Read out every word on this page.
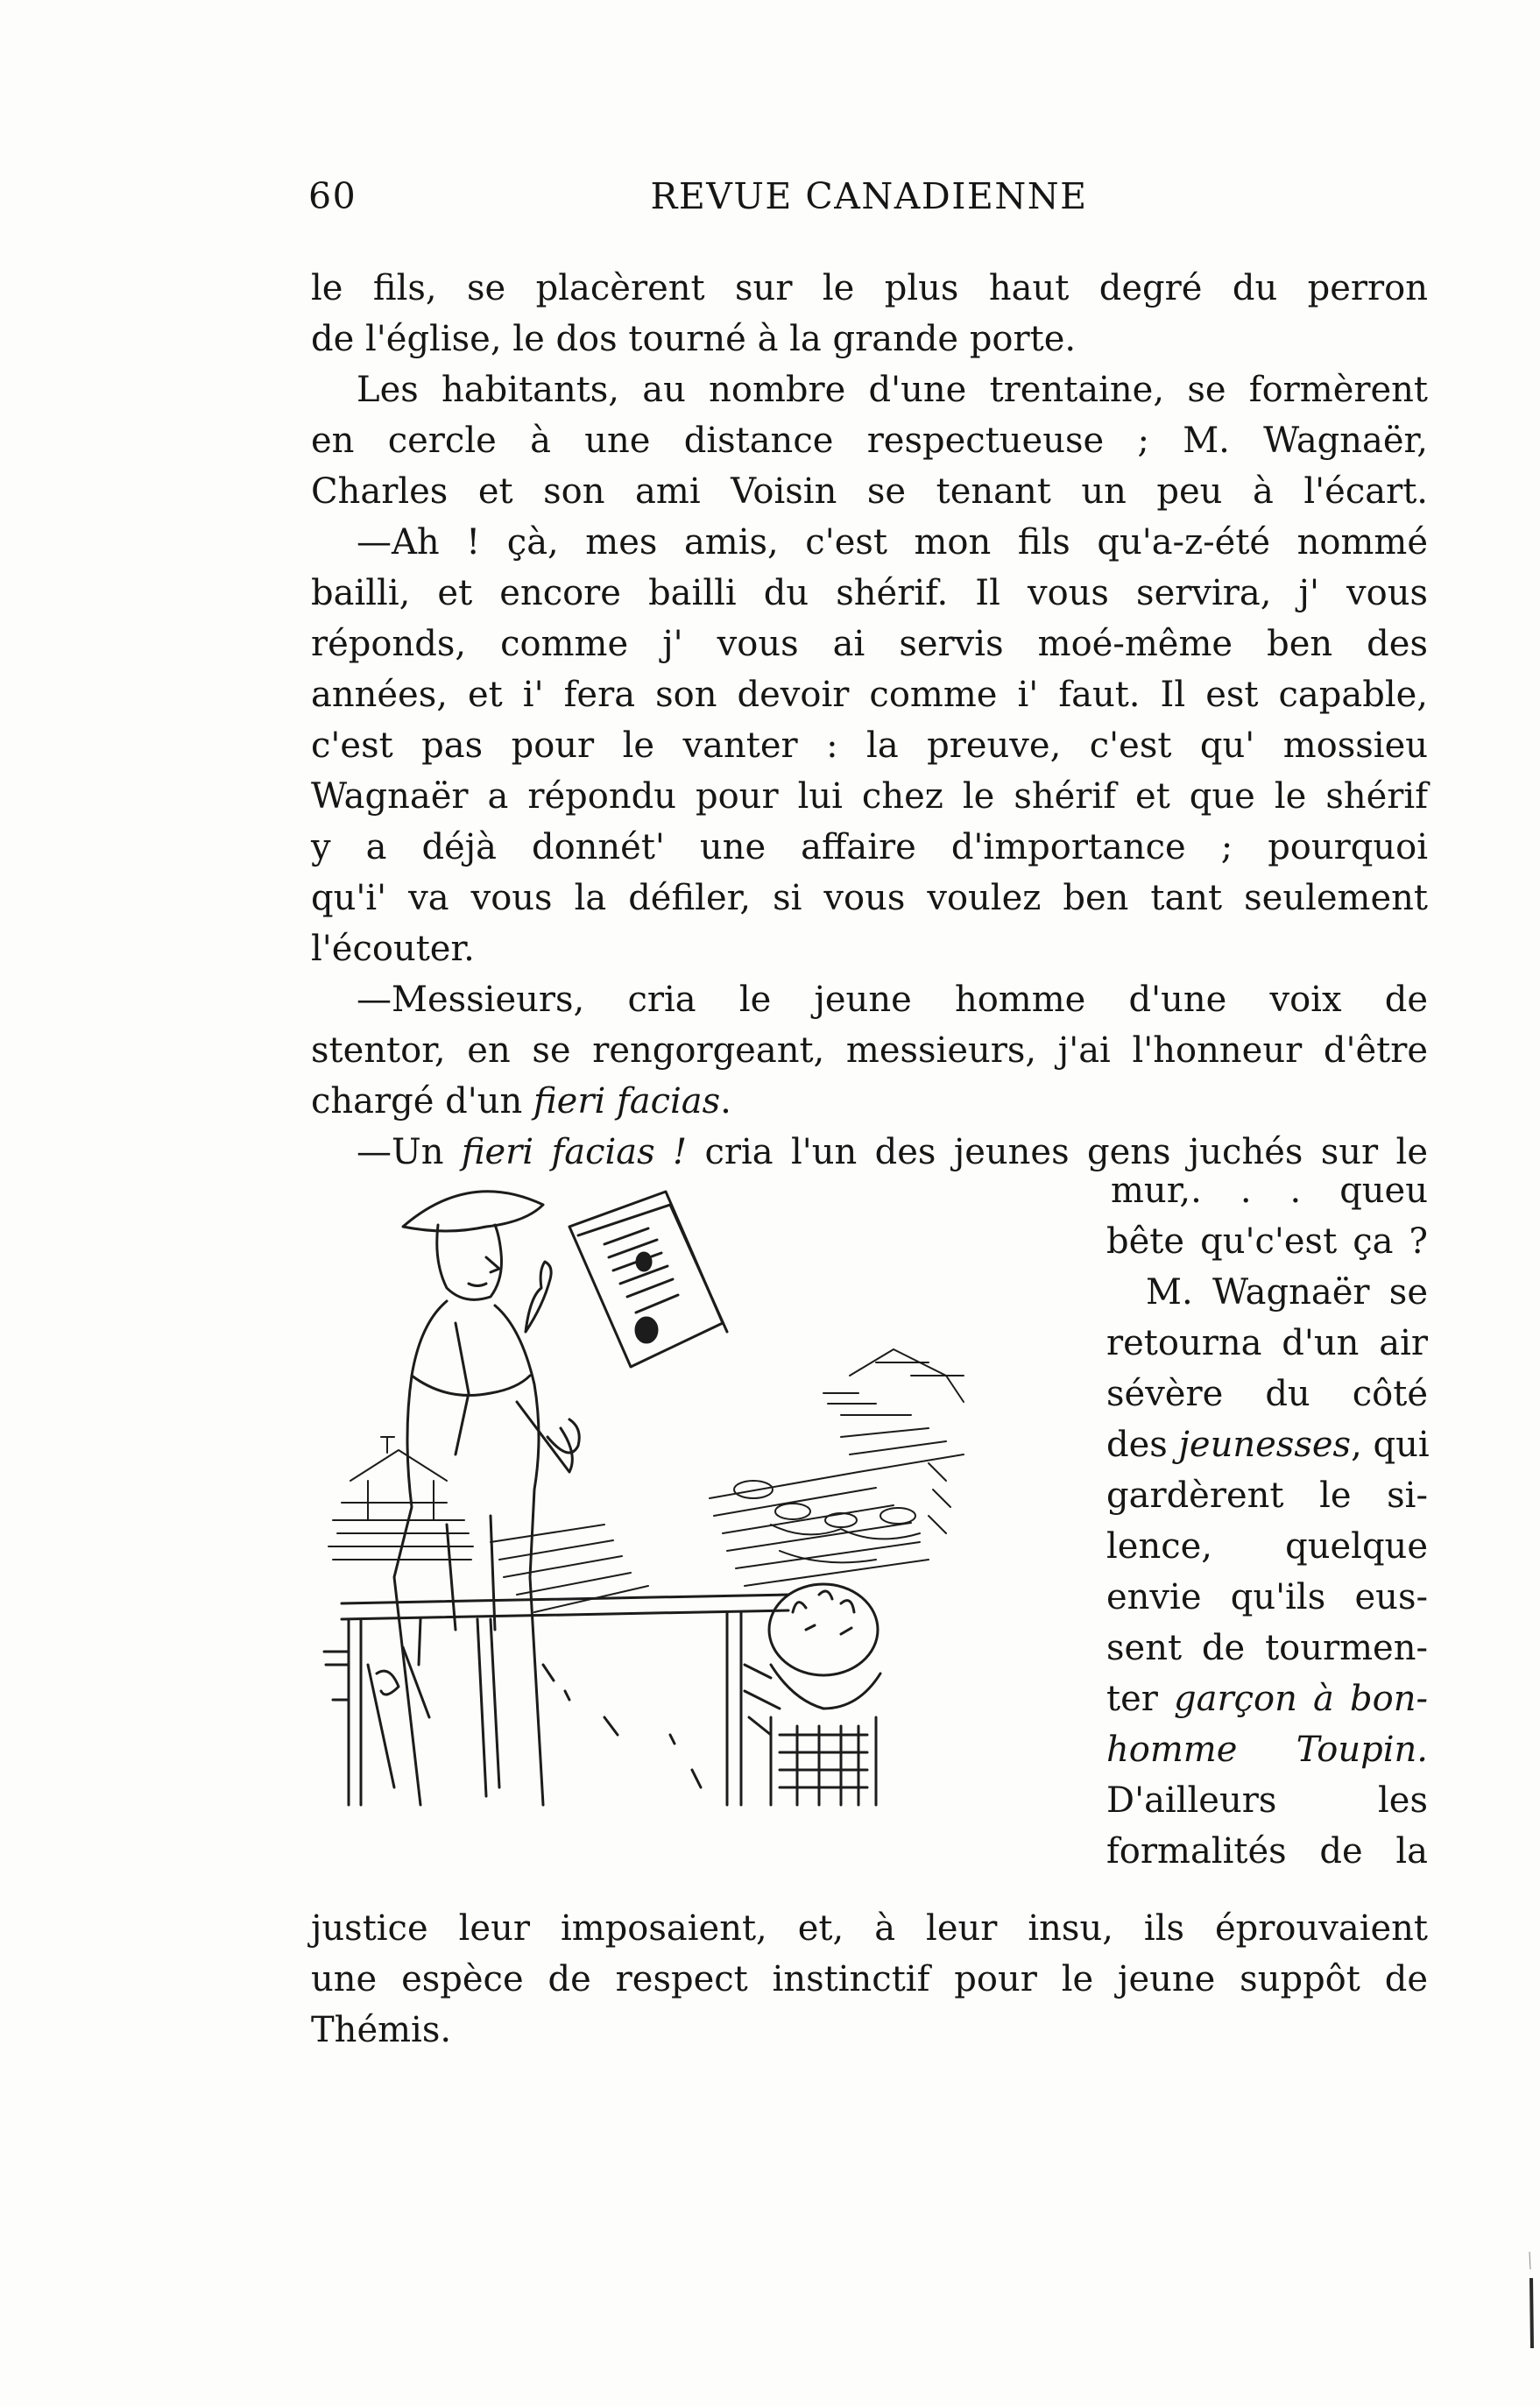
60	REVUE CANADIENNE
le fils, se placèrent sur le plus haut degré du perron
de l'église, le dos tourné à la grande porte.
Les habitants, au nombre d'une trentaine, se formèrent
en cercle à une distance respectueuse ; M. Wagnaër,
Charles et son ami Voisin se tenant un peu à l'écart.
—Ah ! çà, mes amis, c'est mon fils qu'a-z-été nommé
bailli, et encore bailli du shérif. Il vous servira, j' vous
réponds, comme j' vous ai servis moé-même ben des
années, et i' fera son devoir comme i' faut. Il est capable,
c'est pas pour le vanter : la preuve, c'est qu' mossieu
Wagnaër a répondu pour lui chez le shérif et que le shérif
y a déjà donnét' une affaire d'importance ; pourquoi
qu'i' va vous la défiler, si vous voulez ben tant seulement
l'écouter.
—Messieurs, cria le jeune homme d'une voix de
stentor, en se rengorgeant, messieurs, j'ai l'honneur d'être
chargé d'un fieri facias.
—Un fieri facias ! cria l'un des jeunes gens juchés sur le
mur,. . . queu
bête qu'c'est ça ?
M. Wagnaër se
retourna d'un air
sévère du côté
des jeunesses, qui
gardèrent le si-
lence, quelque
envie qu'ils eus-
sent de tourmen-
ter garçon à bon-
homme Toupin.
D'ailleurs les
formalités de la
justice leur imposaient, et, à leur insu, ils éprouvaient
une espèce de respect instinctif pour le jeune suppôt de
Thémis.
